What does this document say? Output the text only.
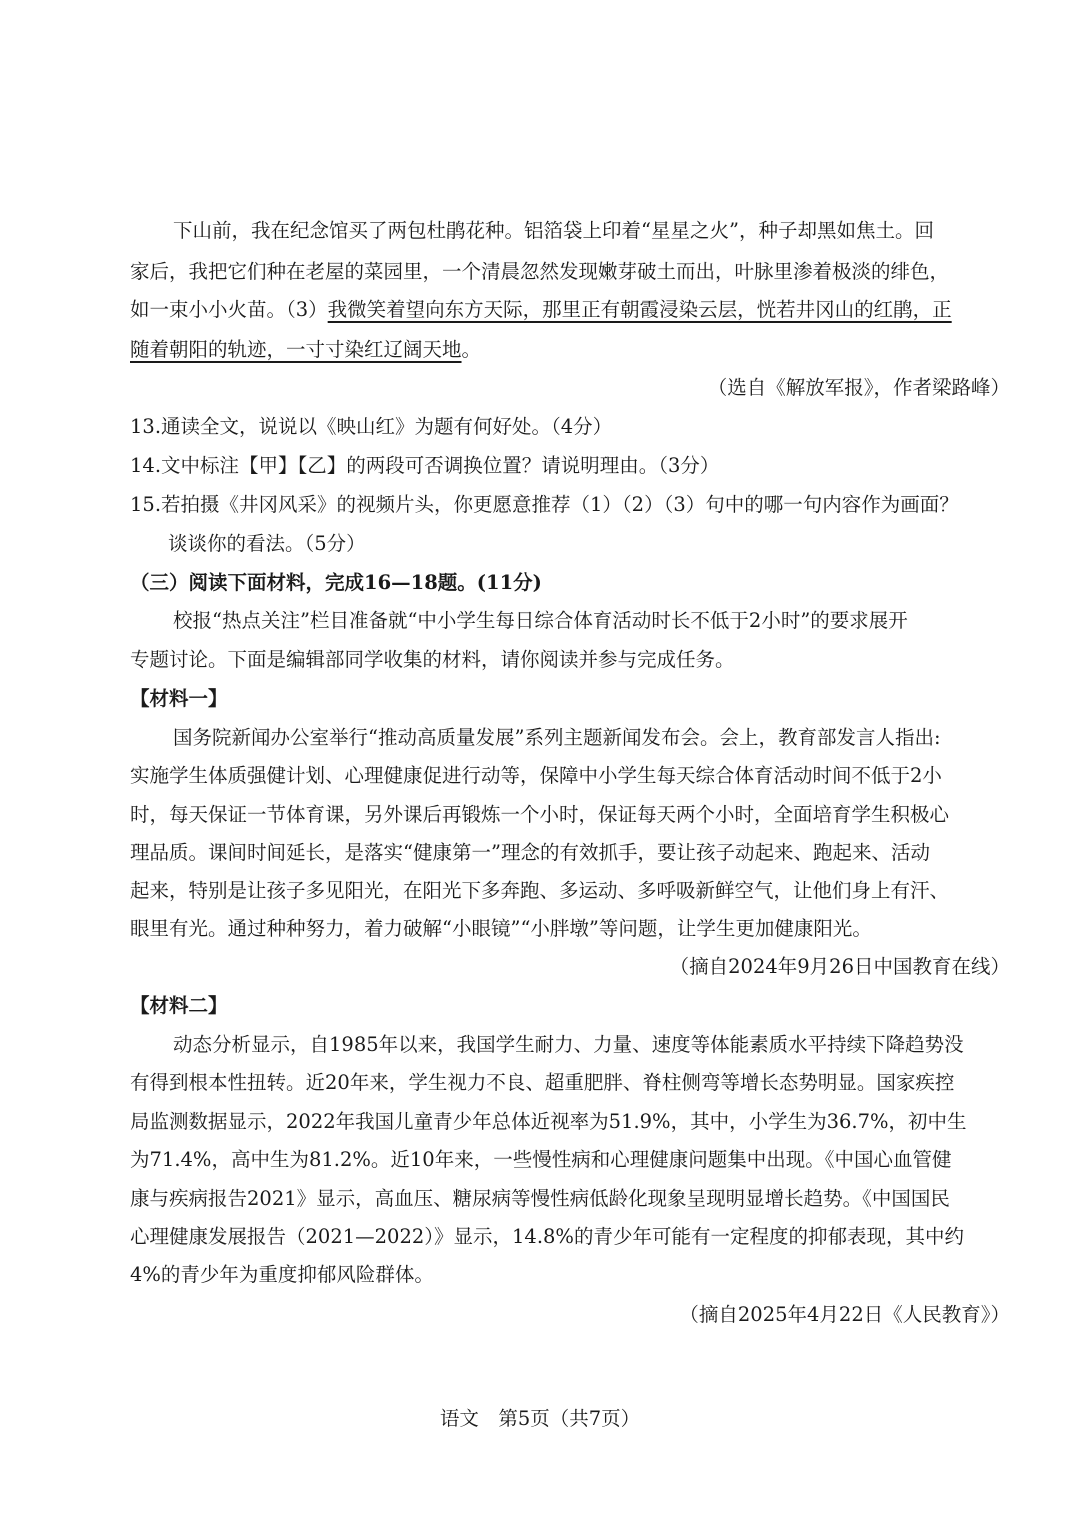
下山前，我在纪念馆买了两包杜鹃花种。铝箔袋上印着“星星之火”，种子却黑如焦土。回
家后，我把它们种在老屋的菜园里，一个清晨忽然发现嫩芽破土而出，叶脉里渗着极淡的绯色，
如一束小小火苗。（3）我微笑着望向东方天际，那里正有朝霞浸染云层，恍若井冈山的红鹃，正
随着朝阳的轨迹，一寸寸染红辽阔天地。
（选自《解放军报》，作者梁路峰）
13.通读全文，说说以《映山红》为题有何好处。（4分）
14.文中标注【甲】【乙】的两段可否调换位置？请说明理由。（3分）
15.若拍摄《井冈风采》的视频片头，你更愿意推荐（1）（2）（3）句中的哪一句内容作为画面？
谈谈你的看法。（5分）
（三）阅读下面材料，完成16—18题。(11分)
校报“热点关注”栏目准备就“中小学生每日综合体育活动时长不低于2小时”的要求展开
专题讨论。下面是编辑部同学收集的材料，请你阅读并参与完成任务。
【材料一】
国务院新闻办公室举行“推动高质量发展”系列主题新闻发布会。会上，教育部发言人指出:
实施学生体质强健计划、心理健康促进行动等，保障中小学生每天综合体育活动时间不低于2小
时，每天保证一节体育课，另外课后再锻炼一个小时，保证每天两个小时，全面培育学生积极心
理品质。课间时间延长，是落实“健康第一”理念的有效抓手，要让孩子动起来、跑起来、活动
起来，特别是让孩子多见阳光，在阳光下多奔跑、多运动、多呼吸新鲜空气，让他们身上有汗、
眼里有光。通过种种努力，着力破解“小眼镜”“小胖墩”等问题，让学生更加健康阳光。
（摘自2024年9月26日中国教育在线）
【材料二】
动态分析显示，自1985年以来，我国学生耐力、力量、速度等体能素质水平持续下降趋势没
有得到根本性扭转。近20年来，学生视力不良、超重肥胖、脊柱侧弯等增长态势明显。国家疾控
局监测数据显示，2022年我国儿童青少年总体近视率为51.9%，其中，小学生为36.7%，初中生
为71.4%，高中生为81.2%。近10年来，一些慢性病和心理健康问题集中出现。《中国心血管健
康与疾病报告2021》显示，高血压、糖尿病等慢性病低龄化现象呈现明显增长趋势。《中国国民
心理健康发展报告（2021—2022）》显示，14.8%的青少年可能有一定程度的抑郁表现，其中约
4%的青少年为重度抑郁风险群体。
（摘自2025年4月22日《人民教育》）
语文　第5页（共7页）
